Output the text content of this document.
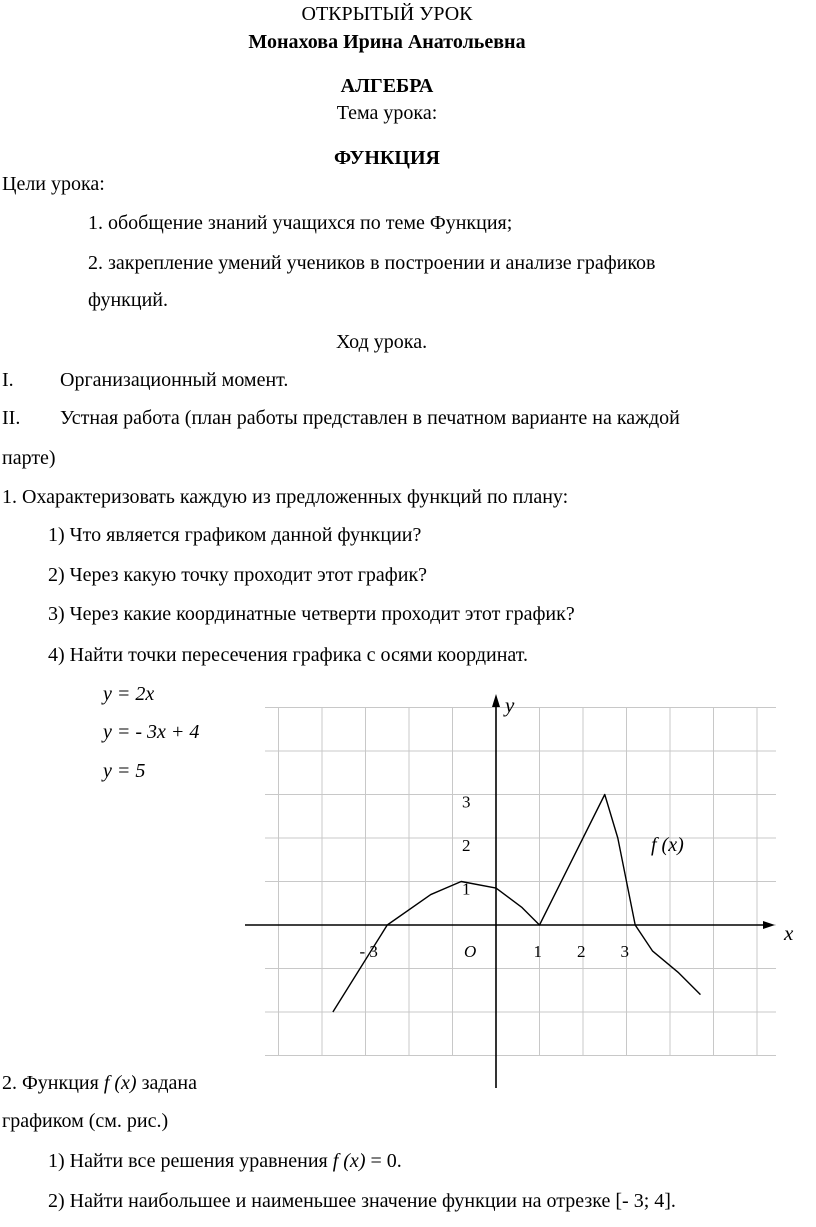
ОТКРЫТЫЙ УРОК
Монахова Ирина Анатольевна
АЛГЕБРА
Тема урока:
ФУНКЦИЯ
Цели урока:
1. обобщение знаний учащихся по теме Функция;
2. закрепление умений учеников в построении и анализе графиков
функций.
Ход урока.
I. Организационный момент.
II. Устная работа (план работы представлен в печатном варианте на каждой
парте)
1. Охарактеризовать каждую из предложенных функций по плану:
1) Что является графиком данной функции?
2) Через какую точку проходит этот график?
3) Через какие координатные четверти проходит этот график?
4) Найти точки пересечения графика с осями координат.
y = 2x
y = - 3x + 4
y = 5
x
y
O
- 3	1 2 3
1
2
3
f (x)
2. Функция f (x) задана
графиком (см. рис.)
1) Найти все решения уравнения f (x) = 0.
2) Найти наибольшее и наименьшее значение функции на отрезке [- 3; 4].
